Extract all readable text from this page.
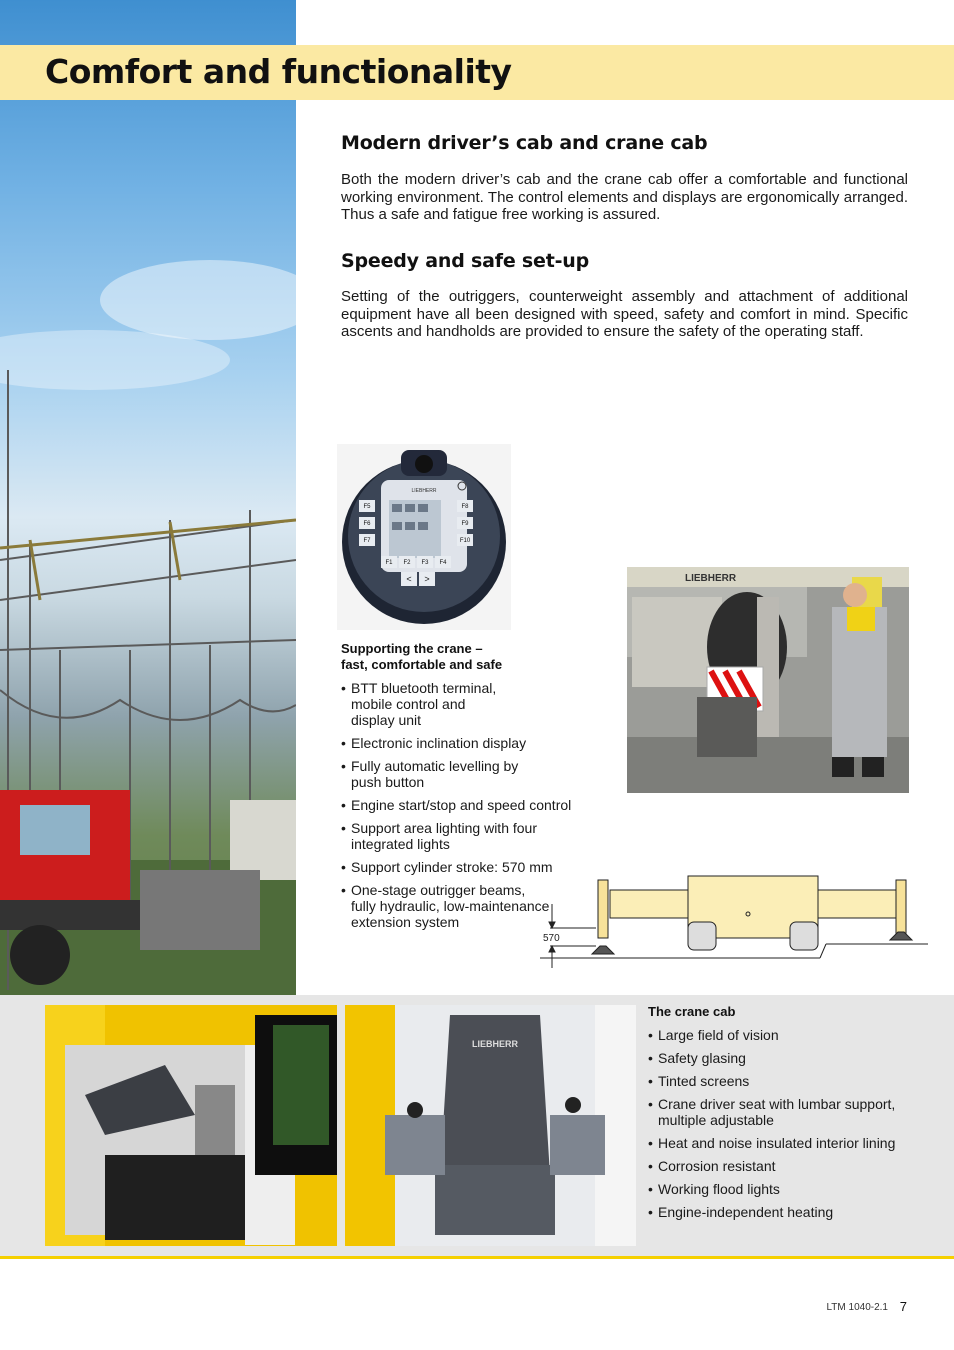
Comfort and functionality
Modern driver’s cab and crane cab

Both the modern driver’s cab and the crane cab offer a comfortable and functional working environment. The control elements and displays are ergonomically arranged. Thus a safe and fatigue free working is assured.

Speedy and safe set-up

Setting of the outriggers, counterweight assembly and attachment of additional equipment have all been designed with speed, safety and comfort in mind. Specific ascents and handholds are provided to ensure the safety of the operating staff.

LIEBHERR
F5
F6
F7
F8
F9
F10
F1 F2 F3 F4
< >
Supporting the crane –
fast, comfortable and safe
• BTT bluetooth terminal, mobile control and display unit
• Electronic inclination display
• Fully automatic levelling by push button
• Engine start/stop and speed control
• Support area lighting with four integrated lights
• Support cylinder stroke: 570 mm
• One-stage outrigger beams, fully hydraulic, low-maintenance extension system
LIEBHERR
570
LIEBHERR
The crane cab
• Large field of vision
• Safety glasing
• Tinted screens
• Crane driver seat with lumbar support, multiple adjustable
• Heat and noise insulated interior lining
• Corrosion resistant
• Working flood lights
• Engine-independent heating
LTM 1040-2.1 7
